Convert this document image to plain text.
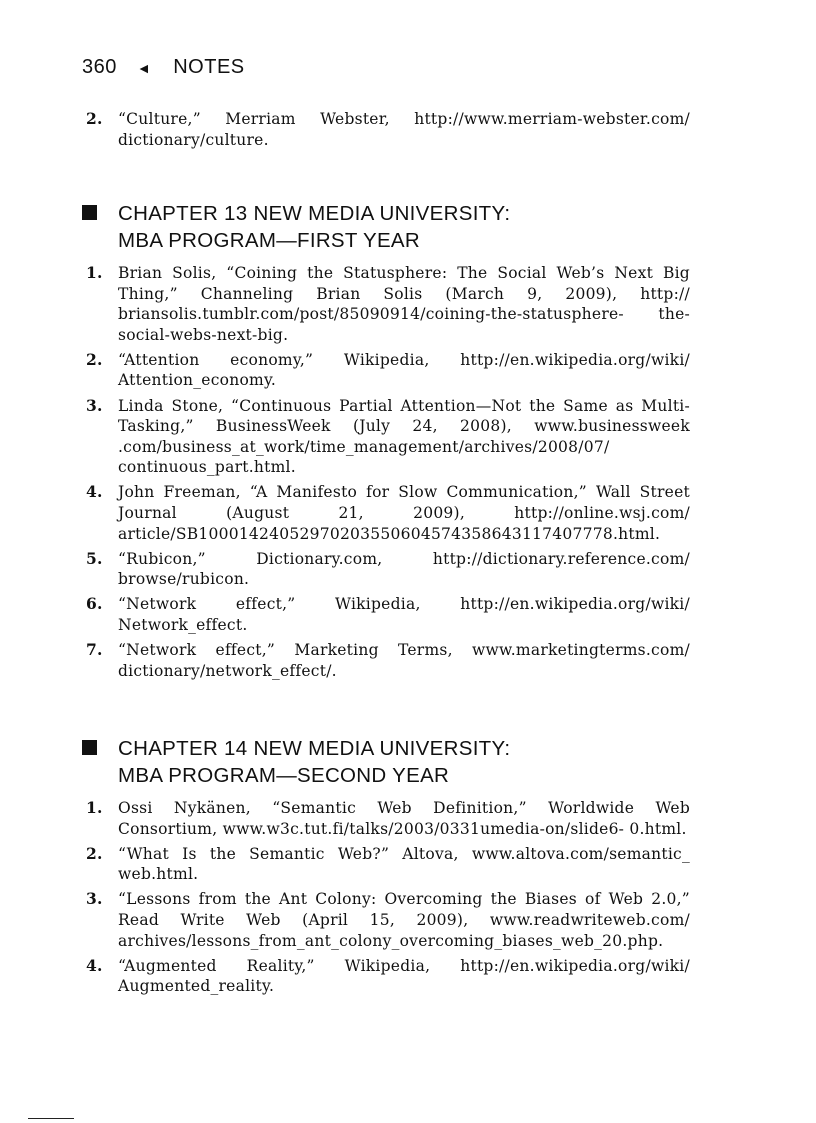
360 ◄ NOTES
2. “Culture,” Merriam Webster, http://www.merriam-webster.com/ dictionary/culture.
CHAPTER 13 NEW MEDIA UNIVERSITY:
MBA PROGRAM—FIRST YEAR
1. Brian Solis, “Coining the Statusphere: The Social Web’s Next Big Thing,” Channeling Brian Solis (March 9, 2009), http:// briansolis.tumblr.com/post/85090914/coining-the-statusphere- the-social-webs-next-big.
2. “Attention economy,” Wikipedia, http://en.wikipedia.org/wiki/ Attention_economy.
3. Linda Stone, “Continuous Partial Attention—Not the Same as Multi-Tasking,” BusinessWeek (July 24, 2008), www.businessweek .com/business_at_work/time_management/archives/2008/07/ continuous_part.html.
4. John Freeman, “A Manifesto for Slow Communication,” Wall Street Journal (August 21, 2009), http://online.wsj.com/ article/SB10001424052970203550604574358643117407778.html.
5. “Rubicon,” Dictionary.com, http://dictionary.reference.com/ browse/rubicon.
6. “Network effect,” Wikipedia, http://en.wikipedia.org/wiki/ Network_effect.
7. “Network effect,” Marketing Terms, www.marketingterms.com/ dictionary/network_effect/.
CHAPTER 14 NEW MEDIA UNIVERSITY:
MBA PROGRAM—SECOND YEAR
1. Ossi Nykänen, “Semantic Web Definition,” Worldwide Web Consortium, www.w3c.tut.fi/talks/2003/0331umedia-on/slide6- 0.html.
2. “What Is the Semantic Web?” Altova, www.altova.com/semantic_ web.html.
3. “Lessons from the Ant Colony: Overcoming the Biases of Web 2.0,” Read Write Web (April 15, 2009), www.readwriteweb.com/ archives/lessons_from_ant_colony_overcoming_biases_web_20.php.
4. “Augmented Reality,” Wikipedia, http://en.wikipedia.org/wiki/ Augmented_reality.
